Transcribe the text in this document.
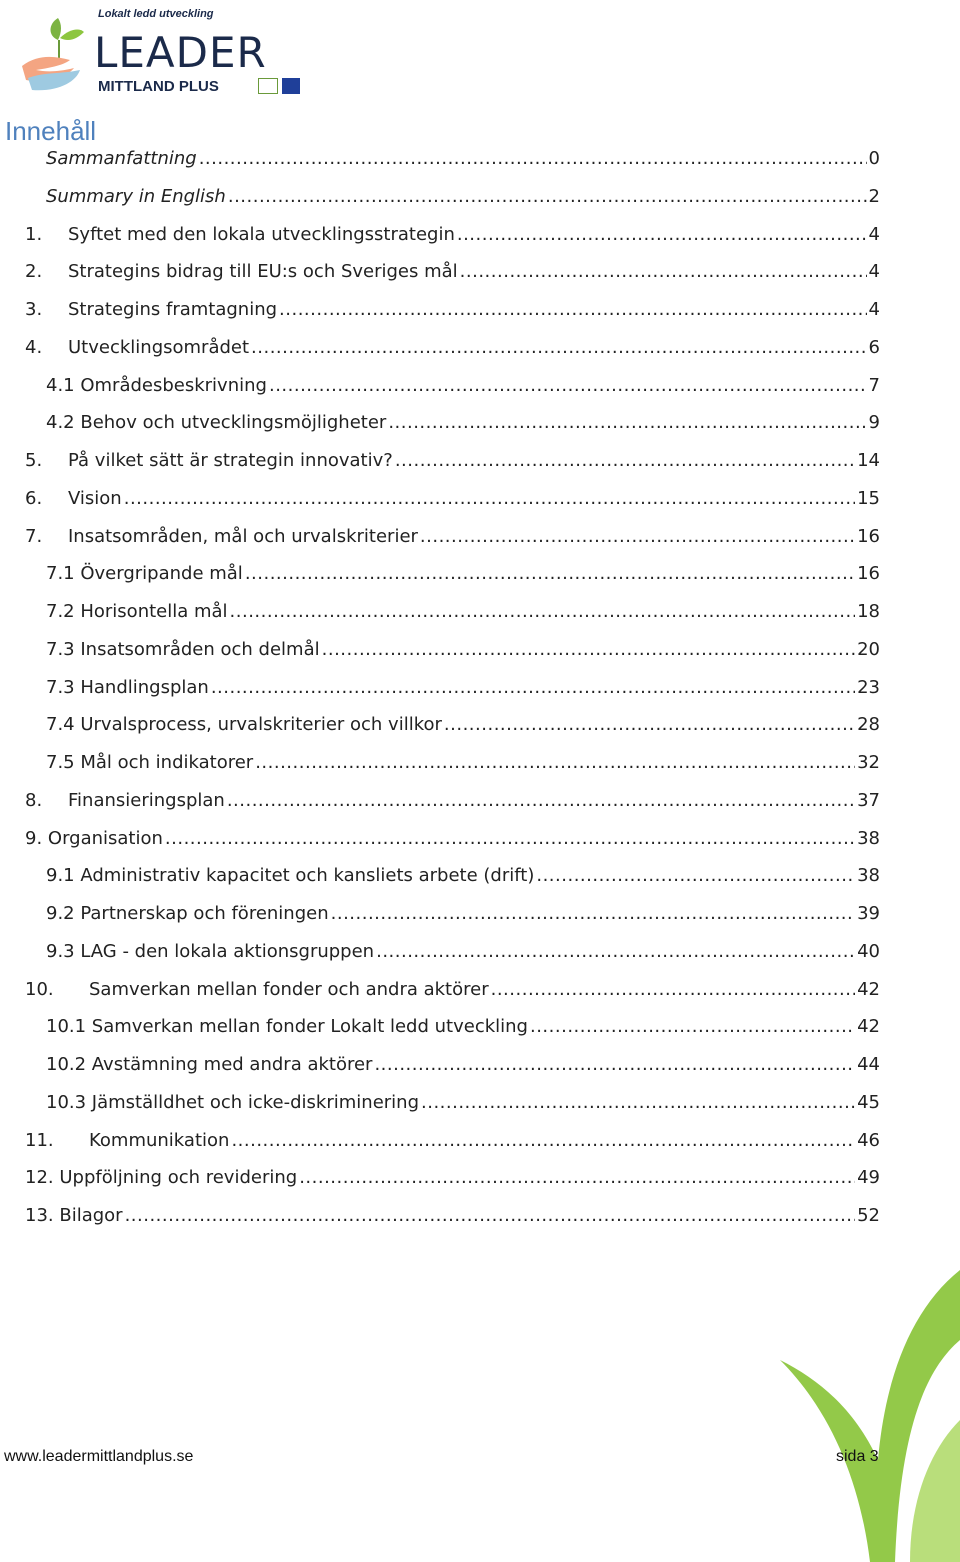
Lokalt ledd utveckling
LEADER
MITTLAND PLUS
Innehåll
Sammanfattning .....	0
Summary in English .....	2
1.	Syftet med den lokala utvecklingsstrategin .....	4
2.	Strategins bidrag till EU:s och Sveriges mål .....	4
3.	Strategins framtagning .....	4
4.	Utvecklingsområdet .....	6
4.1 Områdesbeskrivning .....	7
4.2 Behov och utvecklingsmöjligheter .....	9
5.	På vilket sätt är strategin innovativ? .....	14
6.	Vision .....	15
7.	Insatsområden, mål och urvalskriterier .....	16
7.1 Övergripande mål .....	16
7.2 Horisontella mål .....	18
7.3 Insatsområden och delmål .....	20
7.3 Handlingsplan .....	23
7.4 Urvalsprocess, urvalskriterier och villkor .....	28
7.5 Mål och indikatorer .....	32
8.	Finansieringsplan .....	37
9. Organisation .....	38
9.1 Administrativ kapacitet och kansliets arbete (drift) .....	38
9.2 Partnerskap och föreningen .....	39
9.3 LAG - den lokala aktionsgruppen .....	40
10.	Samverkan mellan fonder och andra aktörer .....	42
10.1 Samverkan mellan fonder Lokalt ledd utveckling .....	42
10.2 Avstämning med andra aktörer .....	44
10.3 Jämställdhet och icke-diskriminering .....	45
11.	Kommunikation .....	46
12. Uppföljning och revidering .....	49
13. Bilagor .....	52
www.leadermittlandplus.se	sida 3
